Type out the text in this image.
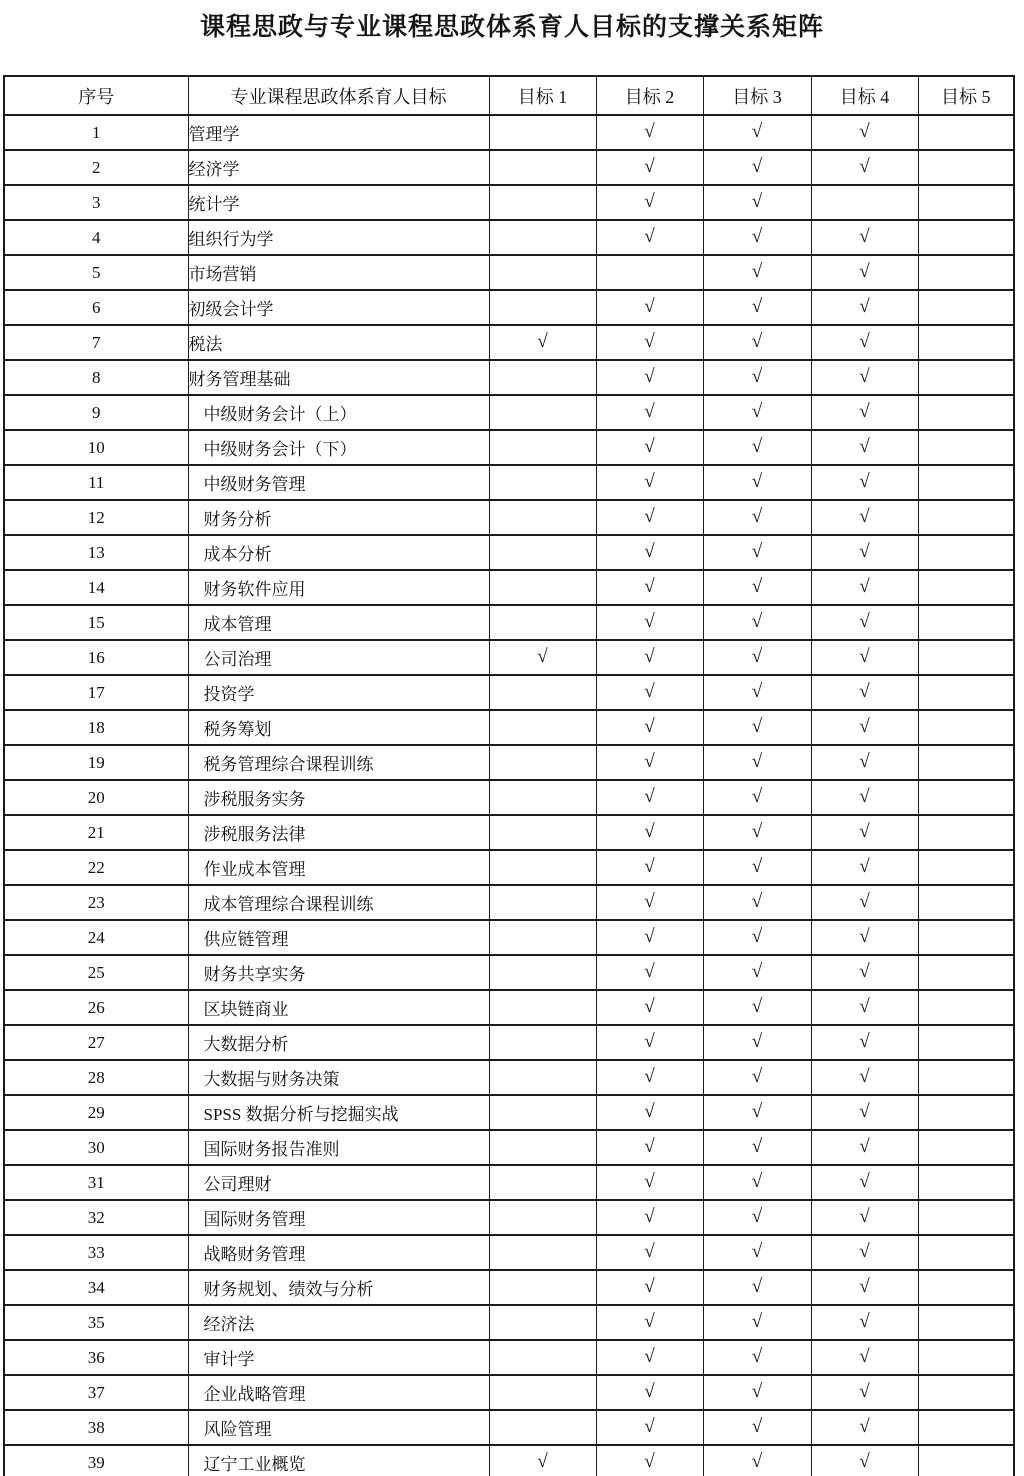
课程思政与专业课程思政体系育人目标的支撑关系矩阵
序号	专业课程思政体系育人目标	目标 1	目标 2	目标 3	目标 4	目标 5
1	管理学		√	√	√	
2	经济学		√	√	√	
3	统计学		√	√		
4	组织行为学		√	√	√	
5	市场营销			√	√	
6	初级会计学		√	√	√	
7	税法	√	√	√	√	
8	财务管理基础		√	√	√	
9	中级财务会计（上）		√	√	√	
10	中级财务会计（下）		√	√	√	
11	中级财务管理		√	√	√	
12	财务分析		√	√	√	
13	成本分析		√	√	√	
14	财务软件应用		√	√	√	
15	成本管理		√	√	√	
16	公司治理	√	√	√	√	
17	投资学		√	√	√	
18	税务筹划		√	√	√	
19	税务管理综合课程训练		√	√	√	
20	涉税服务实务		√	√	√	
21	涉税服务法律		√	√	√	
22	作业成本管理		√	√	√	
23	成本管理综合课程训练		√	√	√	
24	供应链管理		√	√	√	
25	财务共享实务		√	√	√	
26	区块链商业		√	√	√	
27	大数据分析		√	√	√	
28	大数据与财务决策		√	√	√	
29	SPSS 数据分析与挖掘实战		√	√	√	
30	国际财务报告准则		√	√	√	
31	公司理财		√	√	√	
32	国际财务管理		√	√	√	
33	战略财务管理		√	√	√	
34	财务规划、绩效与分析		√	√	√	
35	经济法		√	√	√	
36	审计学		√	√	√	
37	企业战略管理		√	√	√	
38	风险管理		√	√	√	
39	辽宁工业概览	√	√	√	√	
